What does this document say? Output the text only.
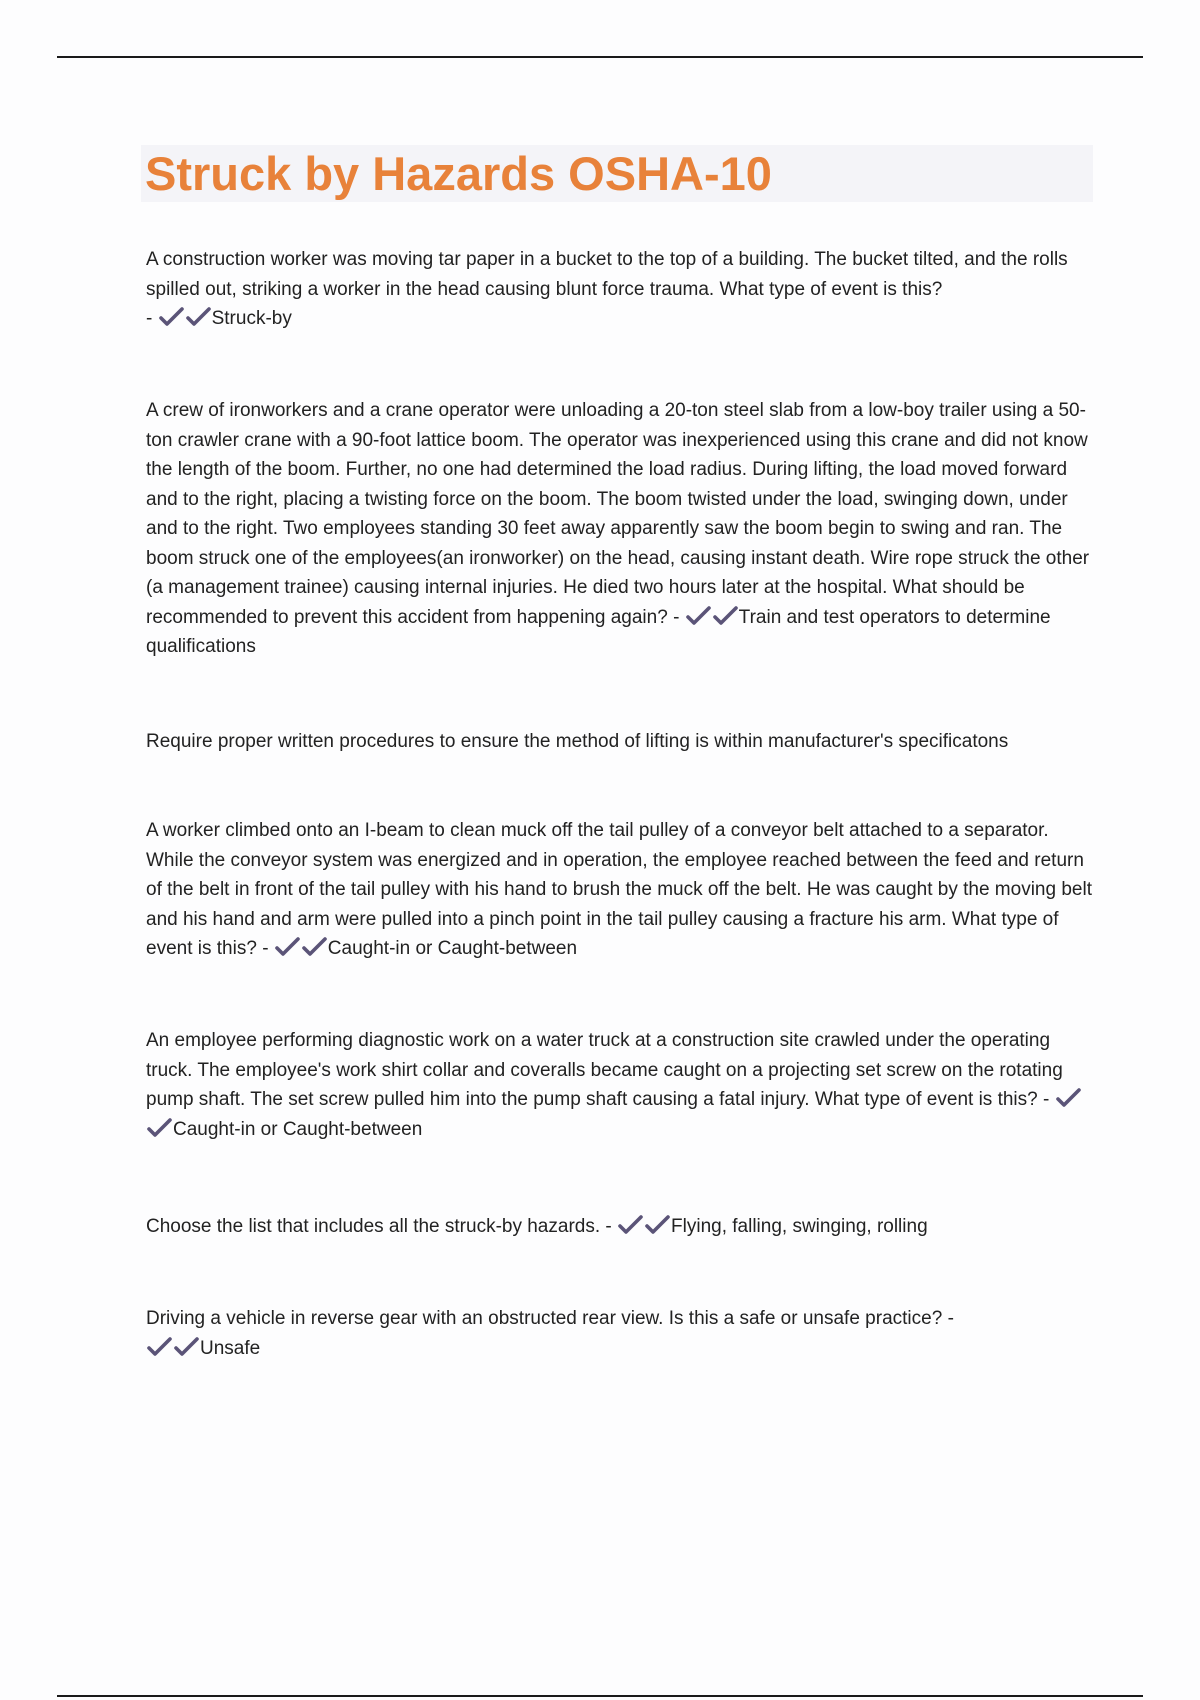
Struck by Hazards OSHA-10

A construction worker was moving tar paper in a bucket to the top of a building. The bucket tilted, and the rolls spilled out, striking a worker in the head causing blunt force trauma. What type of event is this?
-	Struck-by

A crew of ironworkers and a crane operator were unloading a 20-ton steel slab from a low-boy trailer using a 50-ton crawler crane with a 90-foot lattice boom. The operator was inexperienced using this crane and did not know the length of the boom. Further, no one had determined the load radius. During lifting, the load moved forward and to the right, placing a twisting force on the boom. The boom twisted under the load, swinging down, under and to the right. Two employees standing 30 feet away apparently saw the boom begin to swing and ran. The boom struck one of the employees(an ironworker) on the head, causing instant death. Wire rope struck the other (a management trainee) causing internal injuries. He died two hours later at the hospital. What should be recommended to prevent this accident from happening again? -	Train and test operators to determine qualifications

Require proper written procedures to ensure the method of lifting is within manufacturer's specificatons

A worker climbed onto an I-beam to clean muck off the tail pulley of a conveyor belt attached to a separator. While the conveyor system was energized and in operation, the employee reached between the feed and return of the belt in front of the tail pulley with his hand to brush the muck off the belt. He was caught by the moving belt and his hand and arm were pulled into a pinch point in the tail pulley causing a fracture his arm. What type of event is this? -	Caught-in or Caught-between

An employee performing diagnostic work on a water truck at a construction site crawled under the operating truck. The employee's work shirt collar and coveralls became caught on a projecting set screw on the rotating pump shaft. The set screw pulled him into the pump shaft causing a fatal injury. What type of event is this? -
Caught-in or Caught-between

Choose the list that includes all the struck-by hazards. -	Flying, falling, swinging, rolling

Driving a vehicle in reverse gear with an obstructed rear view. Is this a safe or unsafe practice? -

Unsafe
